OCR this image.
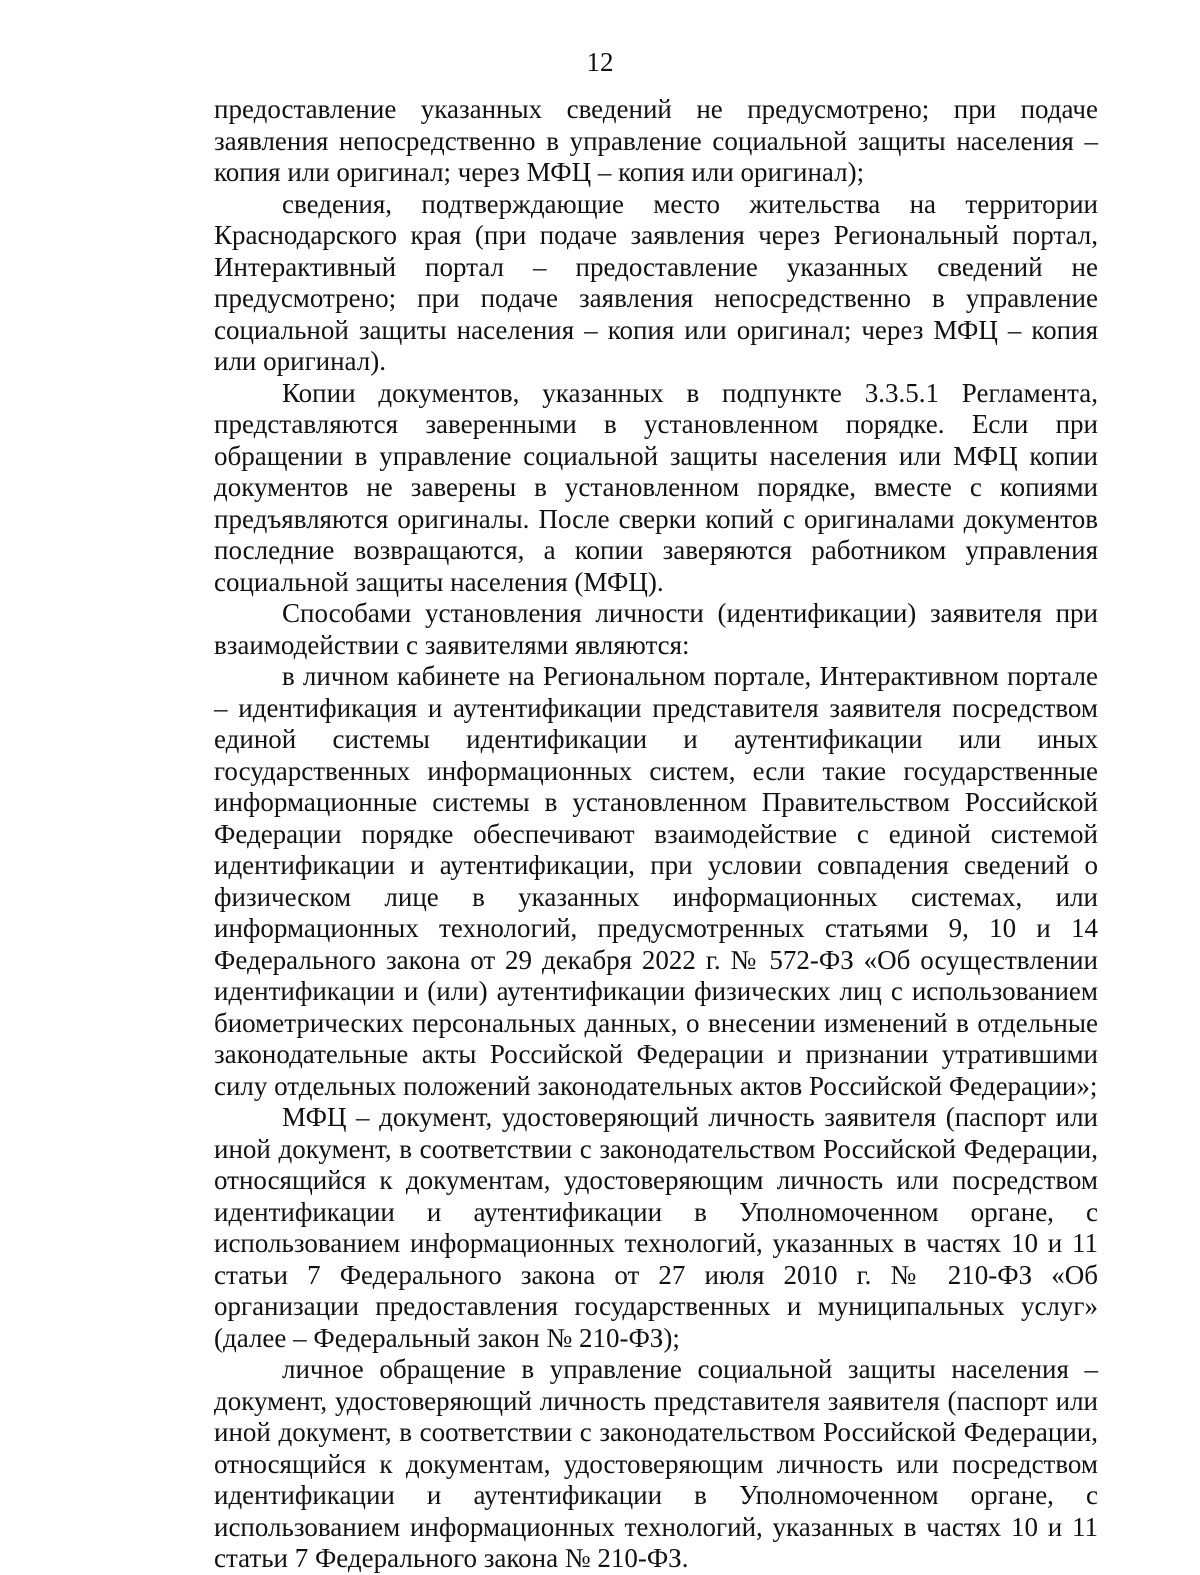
12

предоставление указанных сведений не предусмотрено; при подаче заявления непосредственно в управление социальной защиты населения – копия или оригинал; через МФЦ – копия или оригинал);

сведения, подтверждающие место жительства на территории Краснодарского края (при подаче заявления через Региональный портал, Интерактивный портал – предоставление указанных сведений не предусмотрено; при подаче заявления непосредственно в управление социальной защиты населения – копия или оригинал; через МФЦ – копия или оригинал).

Копии документов, указанных в подпункте 3.3.5.1 Регламента, представляются заверенными в установленном порядке. Если при обращении в управление социальной защиты населения или МФЦ копии документов не заверены в установленном порядке, вместе с копиями предъявляются оригиналы. После сверки копий с оригиналами документов последние возвращаются, а копии заверяются работником управления социальной защиты населения (МФЦ).

Способами установления личности (идентификации) заявителя при взаимодействии с заявителями являются:

в личном кабинете на Региональном портале, Интерактивном портале – идентификация и аутентификации представителя заявителя посредством единой системы идентификации и аутентификации или иных государственных информационных систем, если такие государственные информационные системы в установленном Правительством Российской Федерации порядке обеспечивают взаимодействие с единой системой идентификации и аутентификации, при условии совпадения сведений о физическом лице в указанных информационных системах, или информационных технологий, предусмотренных статьями 9, 10 и 14 Федерального закона от 29 декабря 2022 г. № 572-ФЗ «Об осуществлении идентификации и (или) аутентификации физических лиц с использованием биометрических персональных данных, о внесении изменений в отдельные законодательные акты Российской Федерации и признании утратившими силу отдельных положений законодательных актов Российской Федерации»;

МФЦ – документ, удостоверяющий личность заявителя (паспорт или иной документ, в соответствии с законодательством Российской Федерации, относящийся к документам, удостоверяющим личность или посредством идентификации и аутентификации в Уполномоченном органе, с использованием информационных технологий, указанных в частях 10 и 11 статьи 7 Федерального закона от 27 июля 2010 г. № 210-ФЗ «Об организации предоставления государственных и муниципальных услуг» (далее – Федеральный закон № 210-ФЗ);

личное обращение в управление социальной защиты населения – документ, удостоверяющий личность представителя заявителя (паспорт или иной документ, в соответствии с законодательством Российской Федерации, относящийся к документам, удостоверяющим личность или посредством идентификации и аутентификации в Уполномоченном органе, с использованием информационных технологий, указанных в частях 10 и 11 статьи 7 Федерального закона № 210-ФЗ.
